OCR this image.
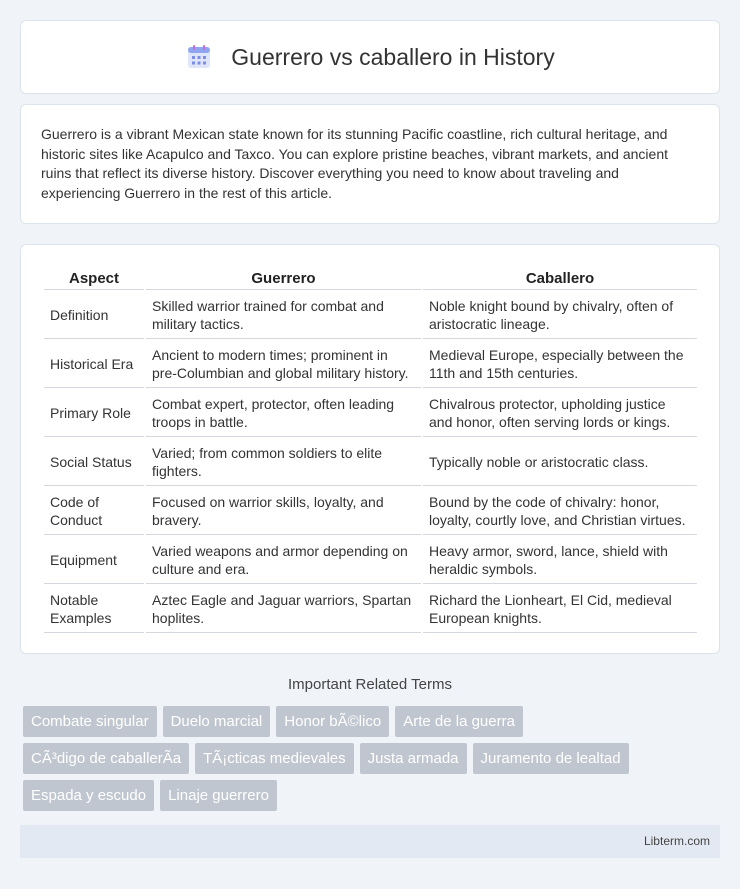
Guerrero vs caballero in History

Guerrero is a vibrant Mexican state known for its stunning Pacific coastline, rich cultural heritage, and historic sites like Acapulco and Taxco. You can explore pristine beaches, vibrant markets, and ancient ruins that reflect its diverse history. Discover everything you need to know about traveling and experiencing Guerrero in the rest of this article.

Aspect	Guerrero	Caballero
Definition	Skilled warrior trained for combat and military tactics.	Noble knight bound by chivalry, often of aristocratic lineage.
Historical Era	Ancient to modern times; prominent in pre-Columbian and global military history.	Medieval Europe, especially between the 11th and 15th centuries.
Primary Role	Combat expert, protector, often leading troops in battle.	Chivalrous protector, upholding justice and honor, often serving lords or kings.
Social Status	Varied; from common soldiers to elite fighters.	Typically noble or aristocratic class.
Code of Conduct	Focused on warrior skills, loyalty, and bravery.	Bound by the code of chivalry: honor, loyalty, courtly love, and Christian virtues.
Equipment	Varied weapons and armor depending on culture and era.	Heavy armor, sword, lance, shield with heraldic symbols.
Notable Examples	Aztec Eagle and Jaguar warriors, Spartan hoplites.	Richard the Lionheart, El Cid, medieval European knights.
Important Related Terms
Combate singular Duelo marcial Honor bÃ©lico Arte de la guerra
CÃ³digo de caballerÃa TÃ¡cticas medievales Justa armada Juramento de lealtad
Espada y escudo Linaje guerrero
Libterm.com
